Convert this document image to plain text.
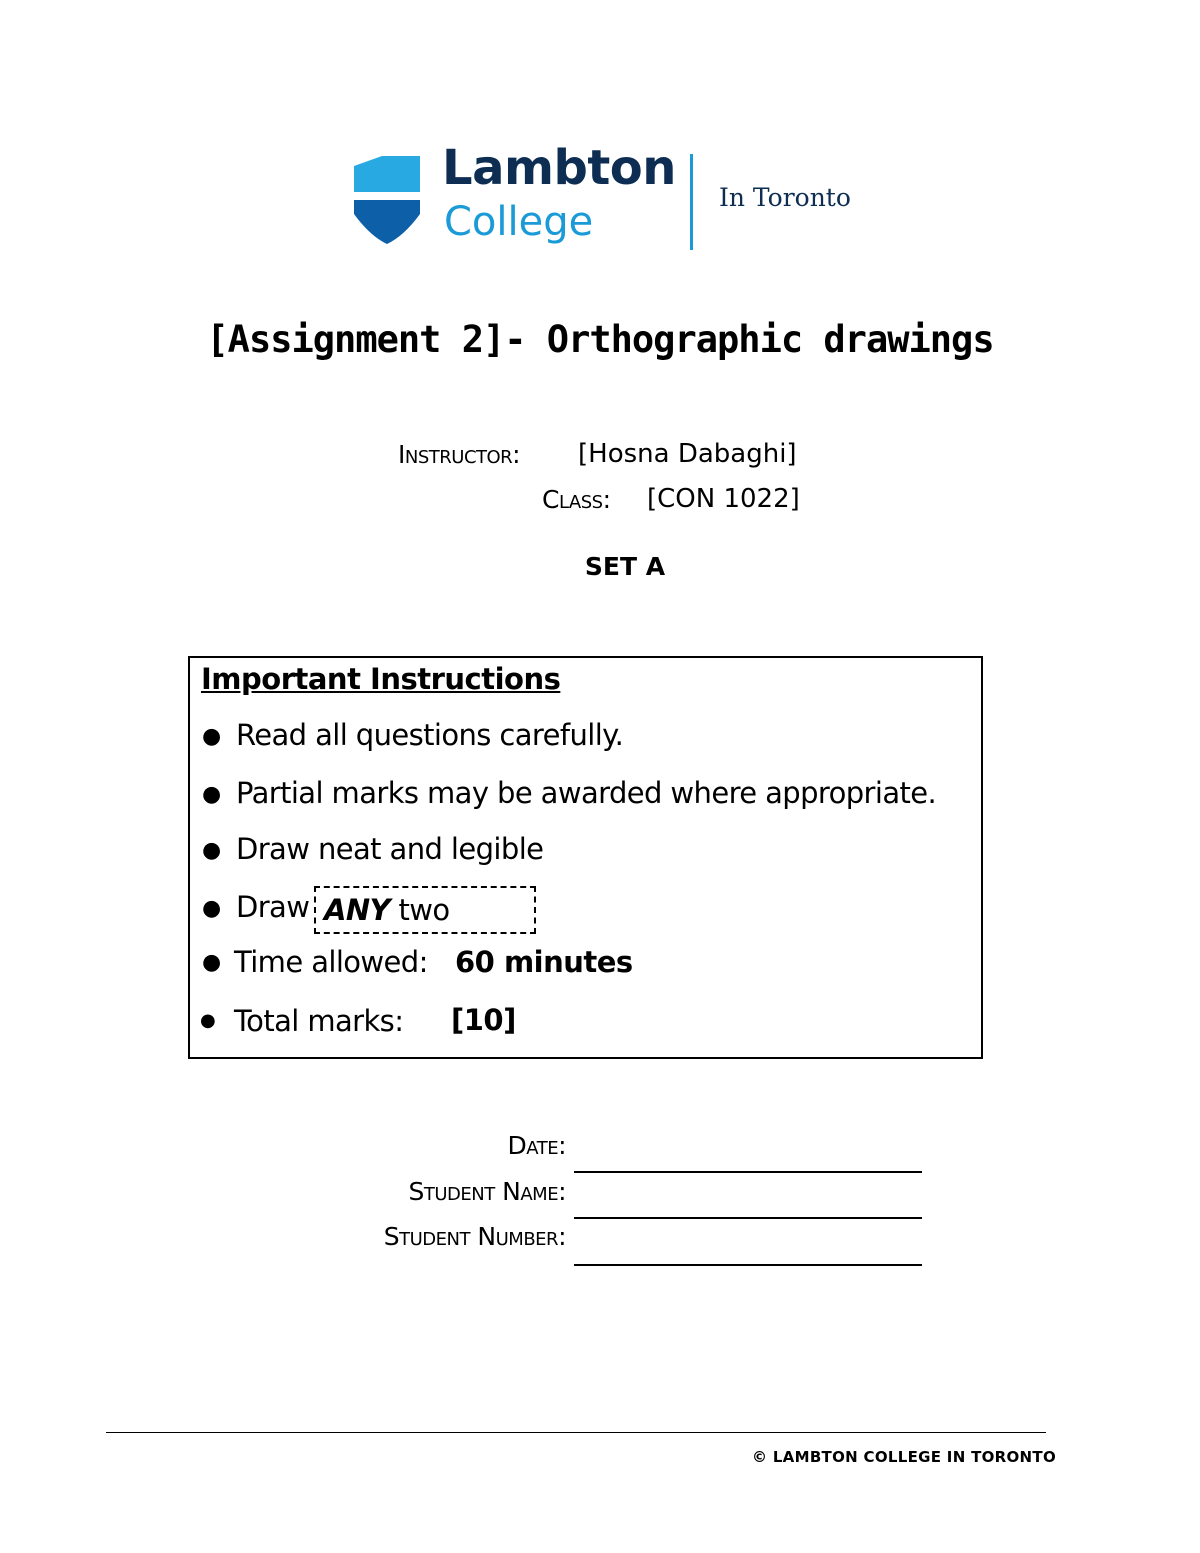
Lambton
College
In Toronto
[Assignment 2]- Orthographic drawings
Instructor: [Hosna Dabaghi]
Class: [CON 1022]
SET A
Important Instructions
● Read all questions carefully.
● Partial marks may be awarded where appropriate.
● Draw neat and legible
● Draw ANY two
● Time allowed: 60 minutes
● Total marks: [10]
Date:
Student Name:
Student Number:
© LAMBTON COLLEGE IN TORONTO
